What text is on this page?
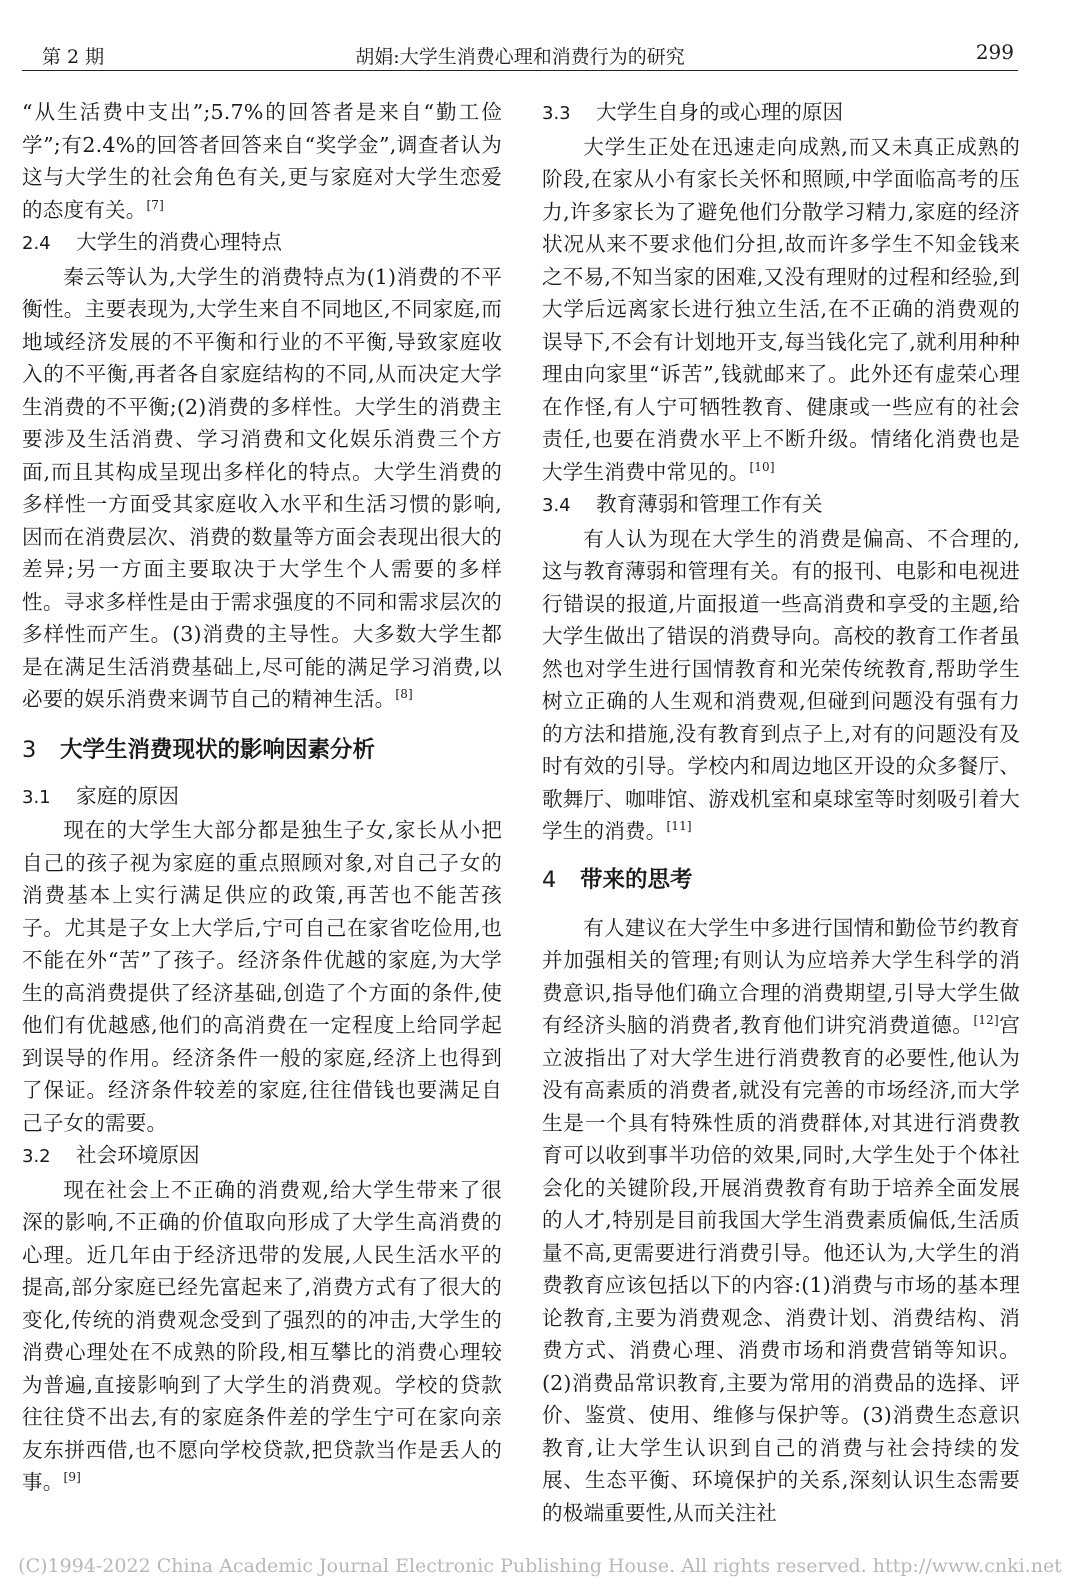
第 2 期	胡娟:大学生消费心理和消费行为的研究	299

“从生活费中支出”;5.7%的回答者是来自“勤工俭学”;有2.4%的回答者回答来自“奖学金”,调查者认为这与大学生的社会角色有关,更与家庭对大学生恋爱的态度有关。[7]

2.4 大学生的消费心理特点

秦云等认为,大学生的消费特点为(1)消费的不平衡性。主要表现为,大学生来自不同地区,不同家庭,而地域经济发展的不平衡和行业的不平衡,导致家庭收入的不平衡,再者各自家庭结构的不同,从而决定大学生消费的不平衡;(2)消费的多样性。大学生的消费主要涉及生活消费、学习消费和文化娱乐消费三个方面,而且其构成呈现出多样化的特点。大学生消费的多样性一方面受其家庭收入水平和生活习惯的影响,因而在消费层次、消费的数量等方面会表现出很大的差异;另一方面主要取决于大学生个人需要的多样性。寻求多样性是由于需求强度的不同和需求层次的多样性而产生。(3)消费的主导性。大多数大学生都是在满足生活消费基础上,尽可能的满足学习消费,以必要的娱乐消费来调节自己的精神生活。[8]

3 大学生消费现状的影响因素分析
3.1 家庭的原因

现在的大学生大部分都是独生子女,家长从小把自己的孩子视为家庭的重点照顾对象,对自己子女的消费基本上实行满足供应的政策,再苦也不能苦孩子。尤其是子女上大学后,宁可自己在家省吃俭用,也不能在外“苦”了孩子。经济条件优越的家庭,为大学生的高消费提供了经济基础,创造了个方面的条件,使他们有优越感,他们的高消费在一定程度上给同学起到误导的作用。经济条件一般的家庭,经济上也得到了保证。经济条件较差的家庭,往往借钱也要满足自己子女的需要。

3.2 社会环境原因

现在社会上不正确的消费观,给大学生带来了很深的影响,不正确的价值取向形成了大学生高消费的心理。近几年由于经济迅带的发展,人民生活水平的提高,部分家庭已经先富起来了,消费方式有了很大的变化,传统的消费观念受到了强烈的的冲击,大学生的消费心理处在不成熟的阶段,相互攀比的消费心理较为普遍,直接影响到了大学生的消费观。学校的贷款往往贷不出去,有的家庭条件差的学生宁可在家向亲友东拼西借,也不愿向学校贷款,把贷款当作是丢人的事。[9]

3.3 大学生自身的或心理的原因

大学生正处在迅速走向成熟,而又未真正成熟的阶段,在家从小有家长关怀和照顾,中学面临高考的压力,许多家长为了避免他们分散学习精力,家庭的经济状况从来不要求他们分担,故而许多学生不知金钱来之不易,不知当家的困难,又没有理财的过程和经验,到大学后远离家长进行独立生活,在不正确的消费观的误导下,不会有计划地开支,每当钱化完了,就利用种种理由向家里“诉苦”,钱就邮来了。此外还有虚荣心理在作怪,有人宁可牺牲教育、健康或一些应有的社会责任,也要在消费水平上不断升级。情绪化消费也是大学生消费中常见的。[10]

3.4 教育薄弱和管理工作有关

有人认为现在大学生的消费是偏高、不合理的,这与教育薄弱和管理有关。有的报刊、电影和电视进行错误的报道,片面报道一些高消费和享受的主题,给大学生做出了错误的消费导向。高校的教育工作者虽然也对学生进行国情教育和光荣传统教育,帮助学生树立正确的人生观和消费观,但碰到问题没有强有力的方法和措施,没有教育到点子上,对有的问题没有及时有效的引导。学校内和周边地区开设的众多餐厅、歌舞厅、咖啡馆、游戏机室和桌球室等时刻吸引着大学生的消费。[11]

4 带来的思考

有人建议在大学生中多进行国情和勤俭节约教育并加强相关的管理;有则认为应培养大学生科学的消费意识,指导他们确立合理的消费期望,引导大学生做有经济头脑的消费者,教育他们讲究消费道德。[12]宫立波指出了对大学生进行消费教育的必要性,他认为没有高素质的消费者,就没有完善的市场经济,而大学生是一个具有特殊性质的消费群体,对其进行消费教育可以收到事半功倍的效果,同时,大学生处于个体社会化的关键阶段,开展消费教育有助于培养全面发展的人才,特别是目前我国大学生消费素质偏低,生活质量不高,更需要进行消费引导。他还认为,大学生的消费教育应该包括以下的内容:(1)消费与市场的基本理论教育,主要为消费观念、消费计划、消费结构、消费方式、消费心理、消费市场和消费营销等知识。(2)消费品常识教育,主要为常用的消费品的选择、评价、鉴赏、使用、维修与保护等。(3)消费生态意识教育,让大学生认识到自己的消费与社会持续的发展、生态平衡、环境保护的关系,深刻认识生态需要的极端重要性,从而关注社

(C)1994-2022 China Academic Journal Electronic Publishing House. All rights reserved. http://www.cnki.net
